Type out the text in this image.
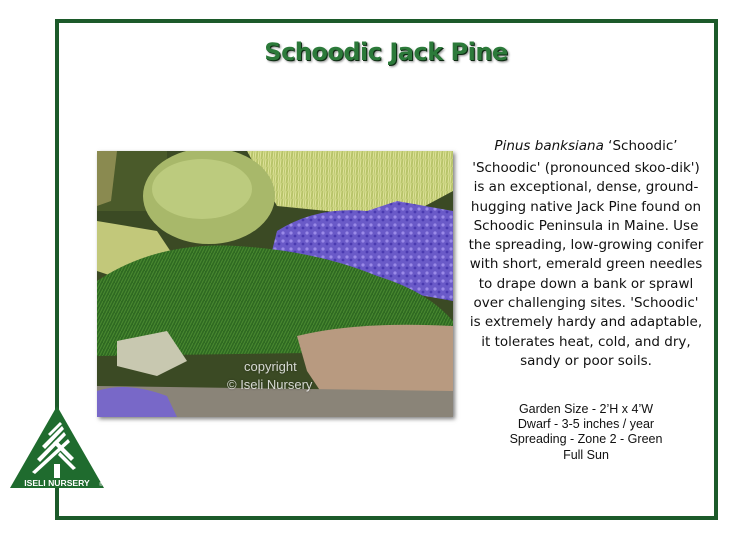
Schoodic Jack Pine
copyright
© Iseli Nursery
Pinus banksiana ‘Schoodic’
'Schoodic' (pronounced skoo-dik') is an exceptional, dense, ground-hugging native Jack Pine found on Schoodic Peninsula in Maine. Use the spreading, low-growing conifer with short, emerald green needles to drape down a bank or sprawl over challenging sites. 'Schoodic' is extremely hardy and adaptable, it tolerates heat, cold, and dry, sandy or poor soils.
Garden Size - 2’H x 4’W
Dwarf - 3-5 inches / year
Spreading - Zone 2 - Green
Full Sun
ISELI NURSERY ®
